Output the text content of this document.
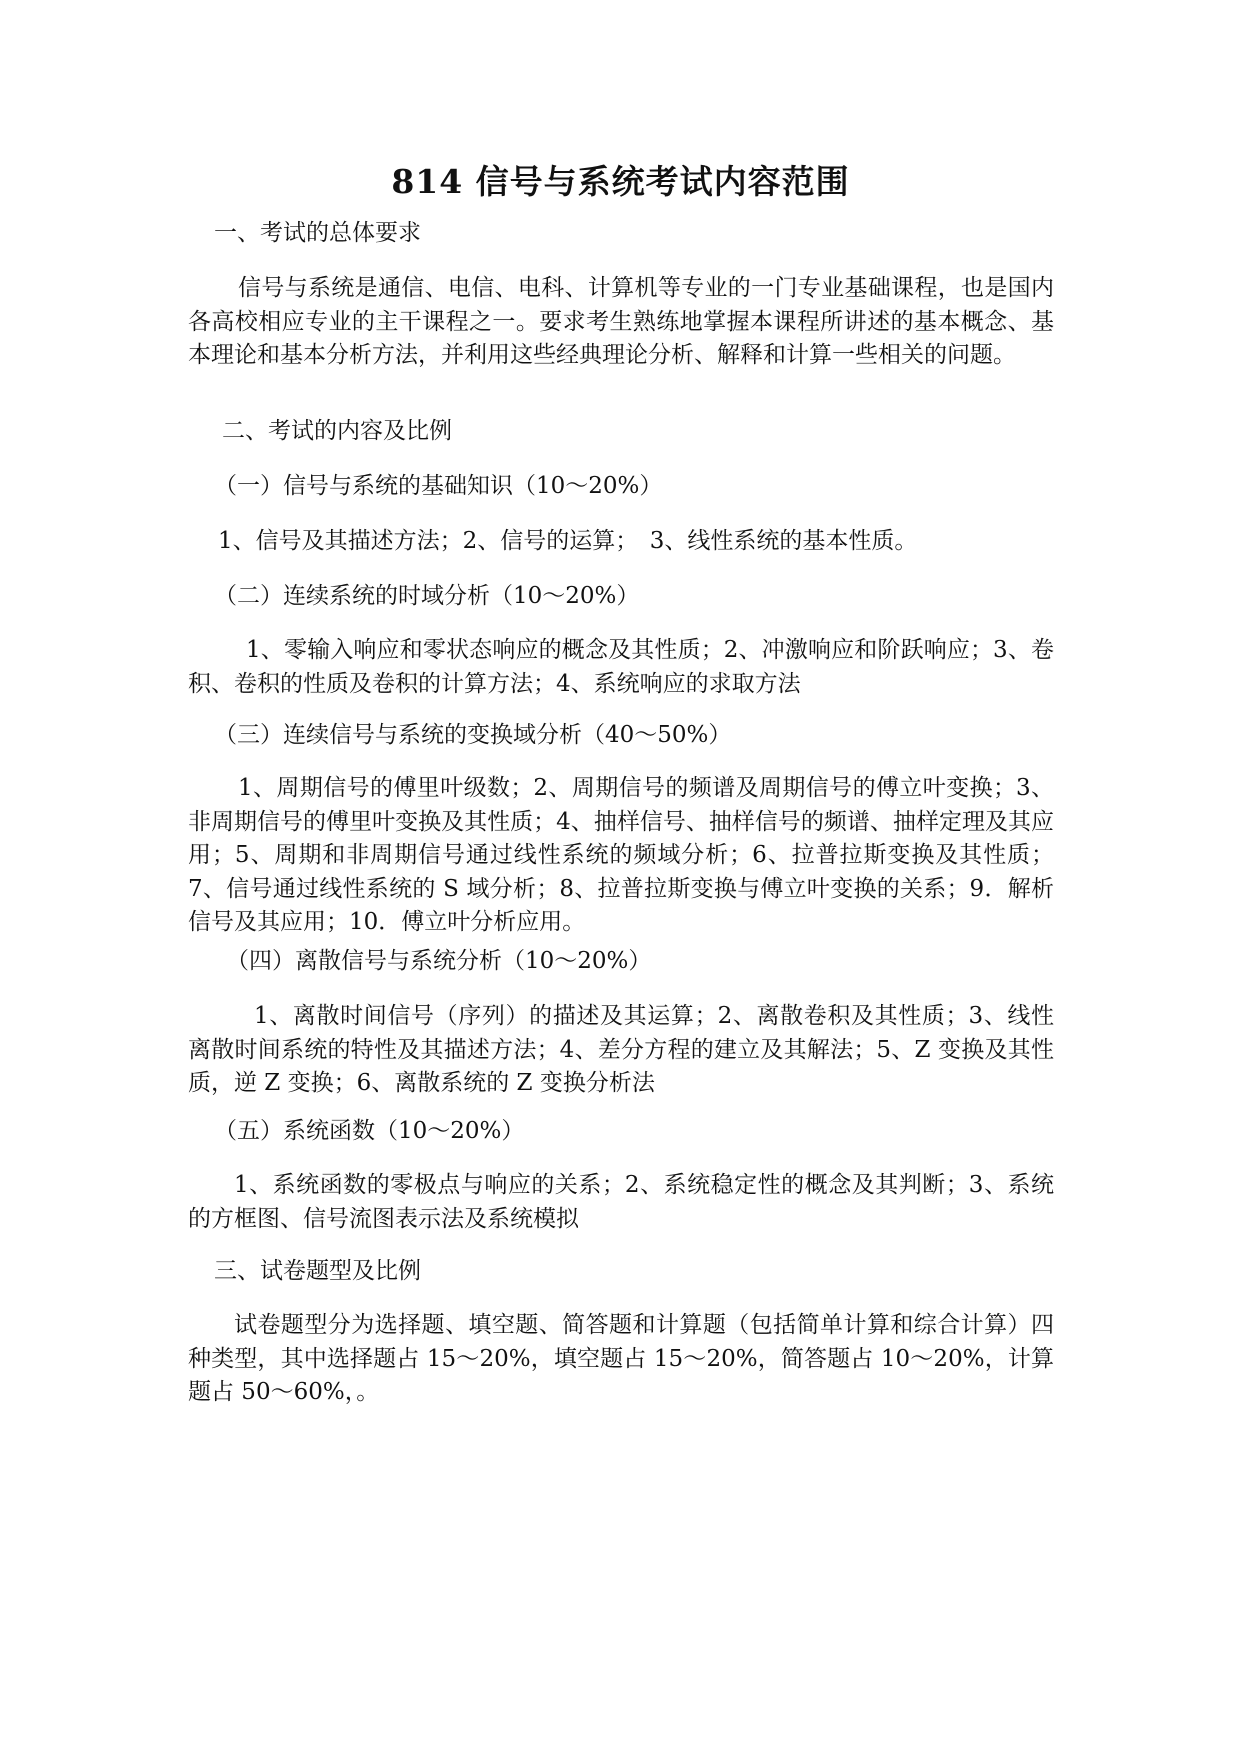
814 信号与系统考试内容范围
一、考试的总体要求
信号与系统是通信、电信、电科、计算机等专业的一门专业基础课程，也是国内各高校相应专业的主干课程之一。要求考生熟练地掌握本课程所讲述的基本概念、基本理论和基本分析方法，并利用这些经典理论分析、解释和计算一些相关的问题。
二、考试的内容及比例
（一）信号与系统的基础知识（10～20%）
1、信号及其描述方法；2、信号的运算；　3、线性系统的基本性质。
（二）连续系统的时域分析（10～20%）
1、零输入响应和零状态响应的概念及其性质；2、冲激响应和阶跃响应；3、卷积、卷积的性质及卷积的计算方法；4、系统响应的求取方法
（三）连续信号与系统的变换域分析（40～50%）
1、周期信号的傅里叶级数；2、周期信号的频谱及周期信号的傅立叶变换；3、非周期信号的傅里叶变换及其性质；4、抽样信号、抽样信号的频谱、抽样定理及其应用；5、周期和非周期信号通过线性系统的频域分析；6、拉普拉斯变换及其性质；7、信号通过线性系统的 S 域分析；8、拉普拉斯变换与傅立叶变换的关系；9．解析信号及其应用；10．傅立叶分析应用。
（四）离散信号与系统分析（10～20%）
1、离散时间信号（序列）的描述及其运算；2、离散卷积及其性质；3、线性离散时间系统的特性及其描述方法；4、差分方程的建立及其解法；5、Z 变换及其性质，逆 Z 变换；6、离散系统的 Z 变换分析法
（五）系统函数（10～20%）
1、系统函数的零极点与响应的关系；2、系统稳定性的概念及其判断；3、系统的方框图、信号流图表示法及系统模拟
三、试卷题型及比例
试卷题型分为选择题、填空题、简答题和计算题（包括简单计算和综合计算）四种类型，其中选择题占 15～20%，填空题占 15～20%，简答题占 10～20%，计算题占 50～60%，。
